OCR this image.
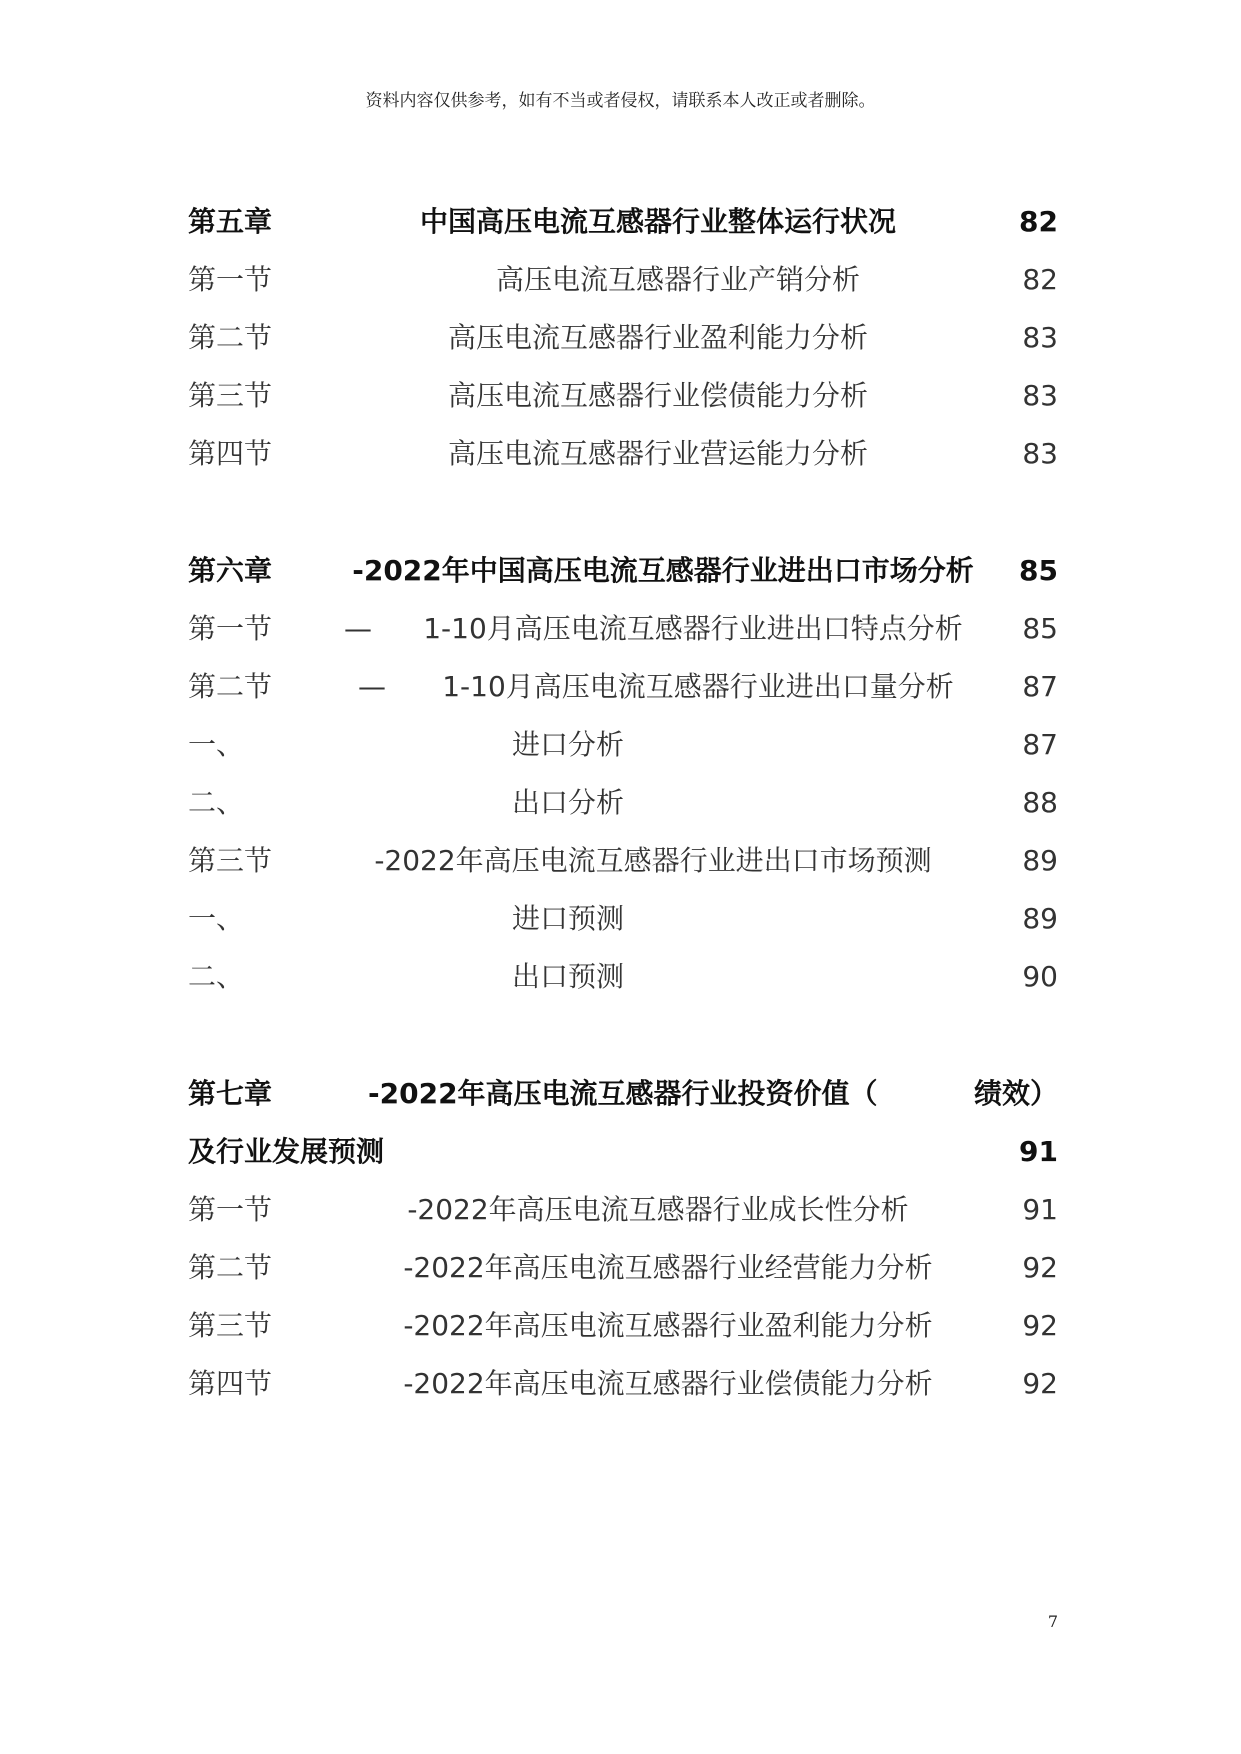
资料内容仅供参考，如有不当或者侵权，请联系本人改正或者删除。
第五章	中国高压电流互感器行业整体运行状况	82
第一节	高压电流互感器行业产销分析	82
第二节	高压电流互感器行业盈利能力分析	83
第三节	高压电流互感器行业偿债能力分析	83
第四节	高压电流互感器行业营运能力分析	83
第六章	-2022年中国高压电流互感器行业进出口市场分析	85
第一节	—	1-10月高压电流互感器行业进出口特点分析	85
第二节	—	1-10月高压电流互感器行业进出口量分析	87
一、	进口分析	87
二、	出口分析	88
第三节	-2022年高压电流互感器行业进出口市场预测	89
一、	进口预测	89
二、	出口预测	90
第七章	-2022年高压电流互感器行业投资价值（	绩效）
及行业发展预测	91
第一节	-2022年高压电流互感器行业成长性分析	91
第二节	-2022年高压电流互感器行业经营能力分析	92
第三节	-2022年高压电流互感器行业盈利能力分析	92
第四节	-2022年高压电流互感器行业偿债能力分析	92
7
